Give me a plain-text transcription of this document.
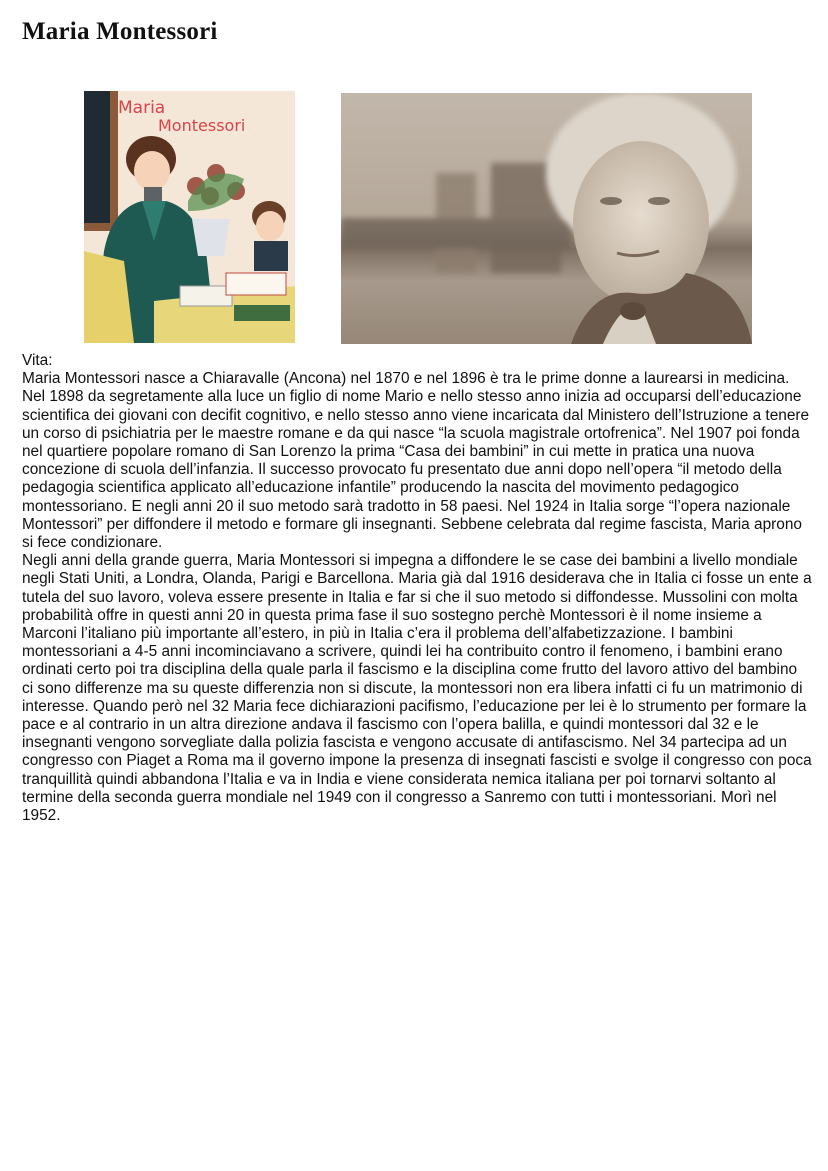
Maria Montessori
Maria
Montessori

Vita:

Maria Montessori nasce a Chiaravalle (Ancona) nel 1870 e nel 1896 è tra le prime donne a laurearsi in medicina. Nel 1898 da segretamente alla luce un figlio di nome Mario e nello stesso anno inizia ad occuparsi dell’educazione scientifica dei giovani con decifit cognitivo, e nello stesso anno viene incaricata dal Ministero dell’Istruzione a tenere un corso di psichiatria per le maestre romane e da qui nasce “la scuola magistrale ortofrenica”. Nel 1907 poi fonda nel quartiere popolare romano di San Lorenzo la prima “Casa dei bambini” in cui mette in pratica una nuova concezione di scuola dell’infanzia. Il successo provocato fu presentato due anni dopo nell’opera “il metodo della pedagogia scientifica applicato all’educazione infantile” producendo la nascita del movimento pedagogico montessoriano. E negli anni 20 il suo metodo sarà tradotto in 58 paesi. Nel 1924 in Italia sorge “l’opera nazionale Montessori” per diffondere il metodo e formare gli insegnanti. Sebbene celebrata dal regime fascista, Maria aprono si fece condizionare.

Negli anni della grande guerra, Maria Montessori si impegna a diffondere le se case dei bambini a livello mondiale negli Stati Uniti, a Londra, Olanda, Parigi e Barcellona. Maria già dal 1916 desiderava che in Italia ci fosse un ente a tutela del suo lavoro, voleva essere presente in Italia e far si che il suo metodo si diffondesse. Mussolini con molta probabilità offre in questi anni 20 in questa prima fase il suo sostegno perchè Montessori è il nome insieme a Marconi l’italiano più importante all’estero, in più in Italia c’era il problema dell’alfabetizzazione. I bambini montessoriani a 4-5 anni incominciavano a scrivere, quindi lei ha contribuito contro il fenomeno, i bambini erano ordinati certo poi tra disciplina della quale parla il fascismo e la disciplina come frutto del lavoro attivo del bambino ci sono differenze ma su queste differenzia non si discute, la montessori non era libera infatti ci fu un matrimonio di interesse. Quando però nel 32 Maria fece dichiarazioni pacifismo, l’educazione per lei è lo strumento per formare la pace e al contrario in un altra direzione andava il fascismo con l’opera balilla, e quindi montessori dal 32 e le insegnanti vengono sorvegliate dalla polizia fascista e vengono accusate di antifascismo. Nel 34 partecipa ad un congresso con Piaget a Roma ma il governo impone la presenza di insegnati fascisti e svolge il congresso con poca tranquillità quindi abbandona l’Italia e va in India e viene considerata nemica italiana per poi tornarvi soltanto al termine della seconda guerra mondiale nel 1949 con il congresso a Sanremo con tutti i montessoriani. Morì nel 1952.
